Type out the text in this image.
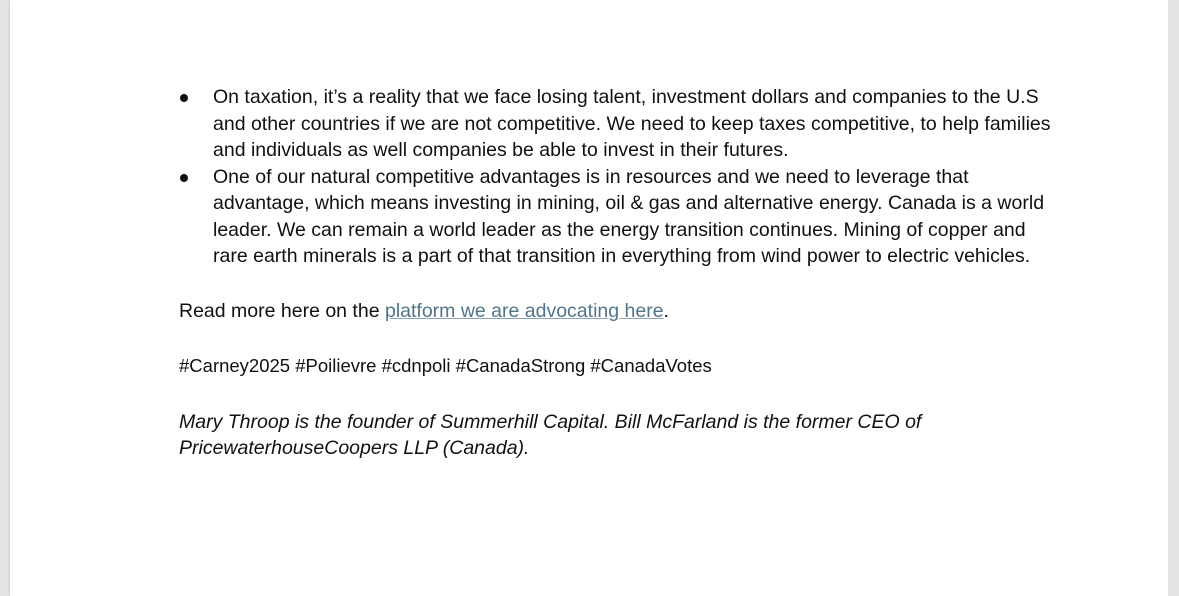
On taxation, it’s a reality that we face losing talent, investment dollars and companies to the U.S and other countries if we are not competitive. We need to keep taxes competitive, to help families and individuals as well companies be able to invest in their futures.
One of our natural competitive advantages is in resources and we need to leverage that advantage, which means investing in mining, oil & gas and alternative energy. Canada is a world leader. We can remain a world leader as the energy transition continues. Mining of copper and rare earth minerals is a part of that transition in everything from wind power to electric vehicles.

Read more here on the platform we are advocating here.

#Carney2025 #Poilievre #cdnpoli #CanadaStrong #CanadaVotes

Mary Throop is the founder of Summerhill Capital. Bill McFarland is the former CEO of PricewaterhouseCoopers LLP (Canada).
